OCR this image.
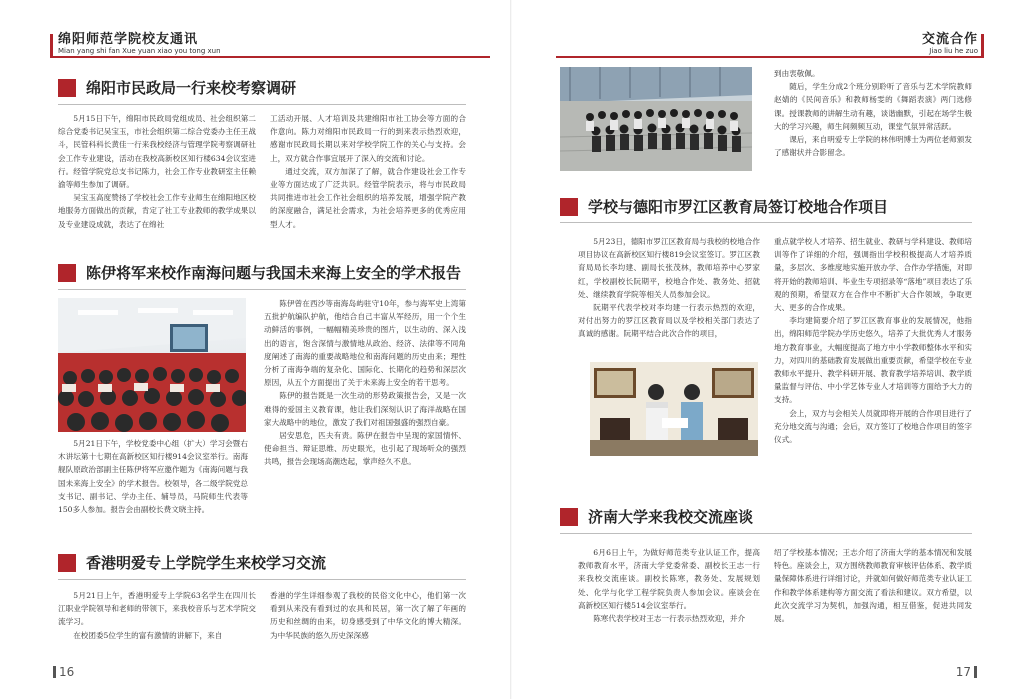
绵阳师范学院校友通讯
Mian yang shi fan Xue yuan xiao you tong xun
绵阳市民政局一行来校考察调研

5月15日下午，绵阳市民政局党组成员、社会组织第二综合党委书记吴宝玉，市社会组织第二综合党委办主任王战斗，民管科科长黄佳一行来我校经济与管理学院考察调研社会工作专业建设，活动在我校高新校区知行楼634会议室进行。经管学院党总支书记陈力，社会工作专业教研室主任赖渝等师生参加了调研。

吴宝玉高度赞扬了学校社会工作专业师生在绵阳地区校地服务方面做出的贡献，肯定了社工专业教师的教学成果以及专业建设成就，表达了在绵社

工活动开展、人才培训及共建绵阳市社工协会等方面的合作意向。陈力对绵阳市民政局一行的到来表示热烈欢迎，感谢市民政局长期以来对学校学院工作的关心与支持。会上，双方就合作事宜展开了深入的交流和讨论。

通过交流，双方加深了了解，就合作建设社会工作专业等方面达成了广泛共识。经管学院表示，将与市民政局共同推进市社会工作社会组织的培养发展，增强学院产教的深度融合，满足社会需求，为社会培养更多的优秀应用型人才。

陈伊将军来校作南海问题与我国未来海上安全的学术报告

5月21日下午，学校党委中心组（扩大）学习会暨右木讲坛第十七期在高新校区知行楼914会议室举行。南海舰队原政治部副主任陈伊将军应邀作题为《南海问题与我国未来海上安全》的学术报告。校领导，各二级学院党总支书记、副书记、学办主任、辅导员，马院师生代表等150多人参加。报告会由副校长费文晓主持。

陈伊曾在西沙等南海岛屿驻守10年，参与海军史上湾第五批护航编队护航，他结合自己丰富从军经历，用一个个生动鲜活的事例，一幅幅精美珍贵的图片，以生动的、深入浅出的语言，饱含深情与激情地从政治、经济、法律等不同角度阐述了南海的重要战略地位和南海问题的历史由来；理性分析了南海争端的复杂化、国际化、长期化的趋势和深层次原因，从五个方面提出了关于未来海上安全的若干思考。

陈伊的报告既是一次生动的形势政策报告会，又是一次难得的爱国主义教育课，他让我们深刻认识了海洋战略在国家大战略中的地位，激发了我们对祖国强盛的强烈自豪。

居安思危，匹夫有责。陈伊在报告中呈现的家国情怀、使命担当、辩证思维、历史眼光，也引起了现场听众的强烈共鸣，报告会现场高潮迭起，掌声经久不息。

香港明爱专上学院学生来校学习交流

5月21日上午，香港明爱专上学院63名学生在四川长江职业学院领导和老师的带领下，来我校音乐与艺术学院交流学习。

在校团委5位学生的富有激情的讲解下，来自

香港的学生详细参观了我校的民俗文化中心，他们第一次看到从来没有看到过的农具和民居，第一次了解了年画的历史和丝绸的由来，切身感受到了中华文化的博大精深。为中华民族的悠久历史深深感

16
交流合作
Jiao liu he zuo

到由衷敬佩。

随后，学生分成2个班分别聆听了音乐与艺术学院教师赵婧的《民间音乐》和教师杨雯的《舞蹈表演》两门选修课。授课教师的讲解生动有趣，谈谐幽默，引起在场学生极大的学习兴趣，师生间频频互动，课堂气氛异常活跃。

课后，来自明爱专上学院的林伟明博士为两位老师颁发了感谢状并合影留念。

学校与德阳市罗江区教育局签订校地合作项目

5月23日，德阳市罗江区教育局与我校的校地合作项目协议在高新校区知行楼819会议室签订。罗江区教育局局长李均建、副局长张茂林，教师培养中心罗家红，学校副校长阮期平，校地合作处、教务处、招就处、继续教育学院等相关人员参加会议。

阮期平代表学校对李均建一行表示热烈的欢迎，对付出努力的罗江区教育局以及学校相关部门表达了真诚的感谢。阮期平结合此次合作的项目，

重点就学校人才培养、招生就业、教研与学科建设、教师培训等作了详细的介绍，强调指出学校积极提高人才培养质量，多层次、多维度地实施开放办学、合作办学措施，对即将开始的教师培训、毕业生专项招录等“落地”项目表达了乐观的预期，希望双方在合作中不断扩大合作领域，争取更大、更多的合作成果。

李均建简要介绍了罗江区教育事业的发展情况，他指出，绵阳师范学院办学历史悠久，培养了大批优秀人才服务地方教育事业，大幅度提高了地方中小学教师整体水平和实力，对四川的基础教育发展做出重要贡献，希望学校在专业教师水平提升、教学科研开展、教育教学培养培训、教学质量监督与评估、中小学艺体专业人才培训等方面给予大力的支持。

会上，双方与会相关人员就即将开展的合作项目进行了充分地交流与沟通；会后，双方签订了校地合作项目的签字仪式。

济南大学来我校交流座谈

6月6日上午，为做好师范类专业认证工作，提高教师教育水平，济南大学党委常委、副校长王志一行来我校交流座谈。副校长陈寒，教务处、发展规划处、化学与化学工程学院负责人参加会议。座谈会在高新校区知行楼514会议室举行。

陈寒代表学校对王志一行表示热烈欢迎，并介

绍了学校基本情况；王志介绍了济南大学的基本情况和发展特色。座谈会上，双方围绕教师教育审核评估体系、教学质量保障体系进行详细讨论，并就如何做好师范类专业认证工作和教学体系建构等方面交流了看法和建议。双方希望，以此次交流学习为契机，加强沟通，相互借鉴，促进共同发展。

17
